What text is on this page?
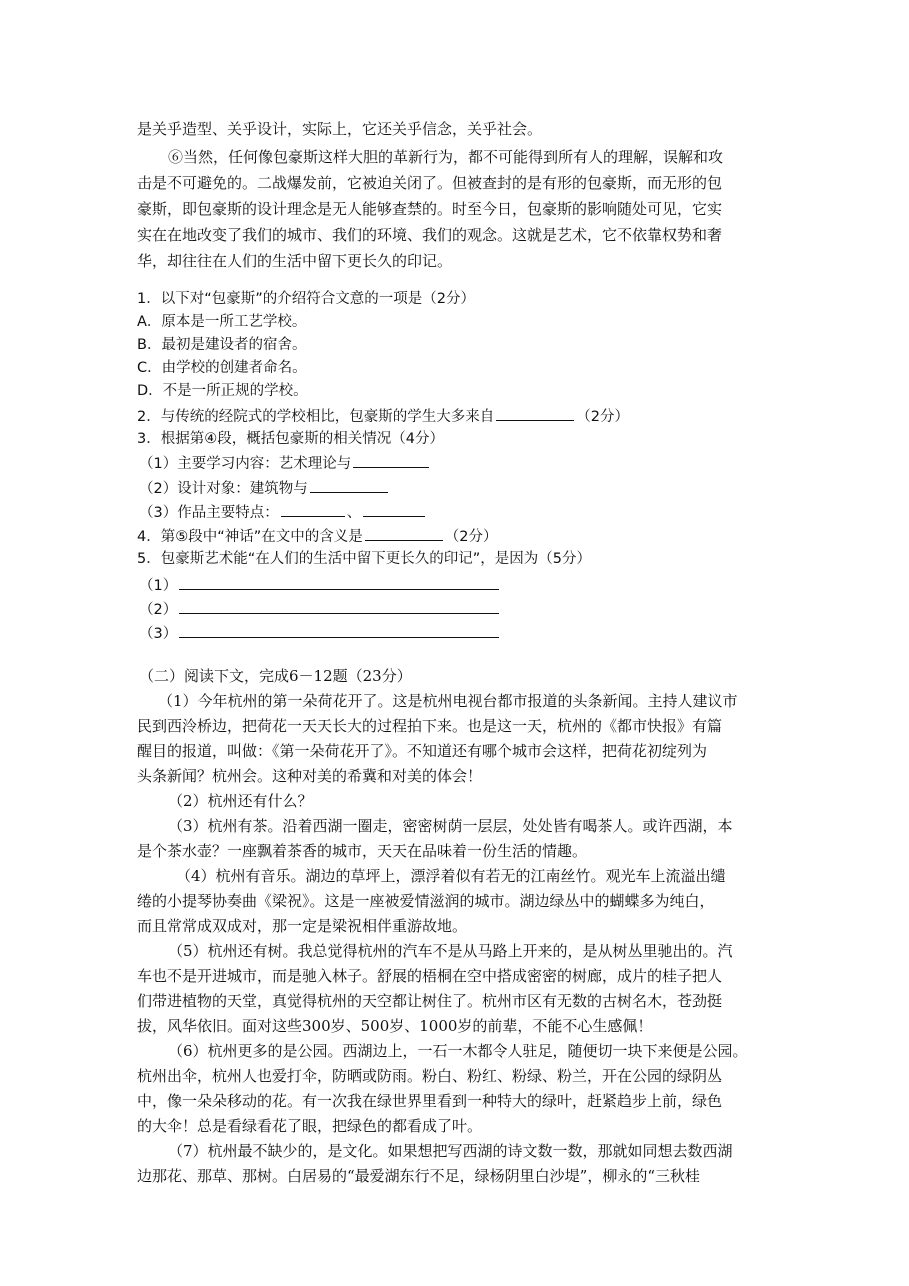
是关乎造型、关乎设计，实际上，它还关乎信念，关乎社会。
⑥当然，任何像包豪斯这样大胆的革新行为，都不可能得到所有人的理解，误解和攻
击是不可避免的。二战爆发前，它被迫关闭了。但被查封的是有形的包豪斯，而无形的包
豪斯，即包豪斯的设计理念是无人能够查禁的。时至今日，包豪斯的影响随处可见，它实
实在在地改变了我们的城市、我们的环境、我们的观念。这就是艺术，它不依靠权势和奢
华，却往往在人们的生活中留下更长久的印记。
1．以下对“包豪斯”的介绍符合文意的一项是（2分）
A．原本是一所工艺学校。
B．最初是建设者的宿舍。
C．由学校的创建者命名。
D．不是一所正规的学校。
2．与传统的经院式的学校相比，包豪斯的学生大多来自	（2分）
3．根据第④段，概括包豪斯的相关情况（4分）
（1）主要学习内容：艺术理论与
（2）设计对象：建筑物与
（3）作品主要特点：	、
4．第⑤段中“神话”在文中的含义是	（2分）
5．包豪斯艺术能“在人们的生活中留下更长久的印记”，是因为（5分）
（1）
（2）
（3）
（二）阅读下文，完成6－12题（23分）
（1）今年杭州的第一朵荷花开了。这是杭州电视台都市报道的头条新闻。主持人建议市
民到西泠桥边，把荷花一天天长大的过程拍下来。也是这一天，杭州的《都市快报》有篇
醒目的报道，叫做：《第一朵荷花开了》。不知道还有哪个城市会这样，把荷花初绽列为
头条新闻？杭州会。这种对美的希冀和对美的体会！
（2）杭州还有什么？
（3）杭州有茶。沿着西湖一圈走，密密树荫一层层，处处皆有喝茶人。或许西湖，本
是个茶水壶？一座飘着茶香的城市，天天在品味着一份生活的情趣。
（4）杭州有音乐。湖边的草坪上，漂浮着似有若无的江南丝竹。观光车上流溢出缱
绻的小提琴协奏曲《梁祝》。这是一座被爱情滋润的城市。湖边绿丛中的蝴蝶多为纯白，
而且常常成双成对，那一定是梁祝相伴重游故地。
（5）杭州还有树。我总觉得杭州的汽车不是从马路上开来的，是从树丛里驰出的。汽
车也不是开进城市，而是驰入林子。舒展的梧桐在空中搭成密密的树廊，成片的桂子把人
们带进植物的天堂，真觉得杭州的天空都让树住了。杭州市区有无数的古树名木，苍劲挺
拔，风华依旧。面对这些300岁、500岁、1000岁的前辈，不能不心生感佩！
（6）杭州更多的是公园。西湖边上，一石一木都令人驻足，随便切一块下来便是公园。
杭州出伞，杭州人也爱打伞，防晒或防雨。粉白、粉红、粉绿、粉兰，开在公园的绿阴丛
中，像一朵朵移动的花。有一次我在绿世界里看到一种特大的绿叶，赶紧趋步上前，绿色
的大伞！总是看绿看花了眼，把绿色的都看成了叶。
（7）杭州最不缺少的，是文化。如果想把写西湖的诗文数一数，那就如同想去数西湖
边那花、那草、那树。白居易的“最爱湖东行不足，绿杨阴里白沙堤”，柳永的“三秋桂
